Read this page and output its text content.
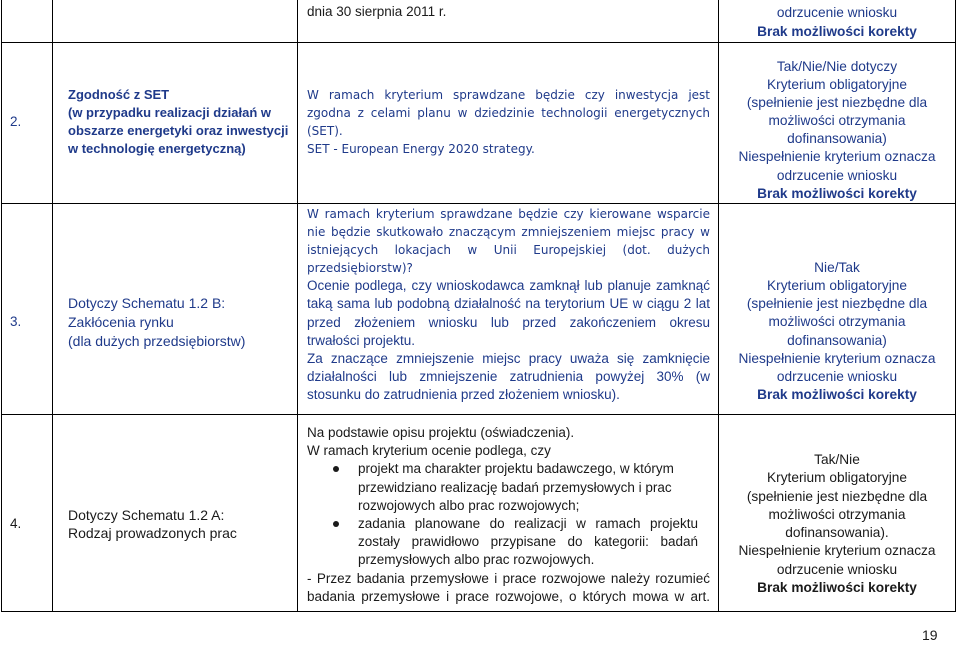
dnia 30 sierpnia 2011 r.	odrzucenie wniosku
Brak możliwości korekty
2.
Zgodność z SET
(w przypadku realizacji działań w
obszarze energetyki oraz inwestycji
w technologię energetyczną)
W ramach kryterium sprawdzane będzie czy inwestycja jest
zgodna z celami planu w dziedzinie technologii energetycznych
(SET).
SET - European Energy 2020 strategy.
Tak/Nie/Nie dotyczy
Kryterium obligatoryjne
(spełnienie jest niezbędne dla
możliwości otrzymania
dofinansowania)
Niespełnienie kryterium oznacza
odrzucenie wniosku
Brak możliwości korekty
3.
Dotyczy Schematu 1.2 B:
Zakłócenia rynku
(dla dużych przedsiębiorstw)
W ramach kryterium sprawdzane będzie czy kierowane wsparcie
nie będzie skutkowało znaczącym zmniejszeniem miejsc pracy w
istniejących lokacjach w Unii Europejskiej (dot. dużych
przedsiębiorstw)?
Ocenie podlega, czy wnioskodawca zamknął lub planuje zamknąć
taką sama lub podobną działalność na terytorium UE w ciągu 2 lat
przed złożeniem wniosku lub przed zakończeniem okresu
trwałości projektu.
Za znaczące zmniejszenie miejsc pracy uważa się zamknięcie
działalności lub zmniejszenie zatrudnienia powyżej 30% (w
stosunku do zatrudnienia przed złożeniem wniosku).
Nie/Tak
Kryterium obligatoryjne
(spełnienie jest niezbędne dla
możliwości otrzymania
dofinansowania)
Niespełnienie kryterium oznacza
odrzucenie wniosku
Brak możliwości korekty
4.
Dotyczy Schematu 1.2 A:
Rodzaj prowadzonych prac
Na podstawie opisu projektu (oświadczenia).
W ramach kryterium ocenie podlega, czy
projekt ma charakter projektu badawczego, w którym
przewidziano realizację badań przemysłowych i prac
rozwojowych albo prac rozwojowych;
zadania planowane do realizacji w ramach projektu
zostały prawidłowo przypisane do kategorii: badań
przemysłowych albo prac rozwojowych.
- Przez badania przemysłowe i prace rozwojowe należy rozumieć
badania przemysłowe i prace rozwojowe, o których mowa w art.
Tak/Nie
Kryterium obligatoryjne
(spełnienie jest niezbędne dla
możliwości otrzymania
dofinansowania).
Niespełnienie kryterium oznacza
odrzucenie wniosku
Brak możliwości korekty
19
